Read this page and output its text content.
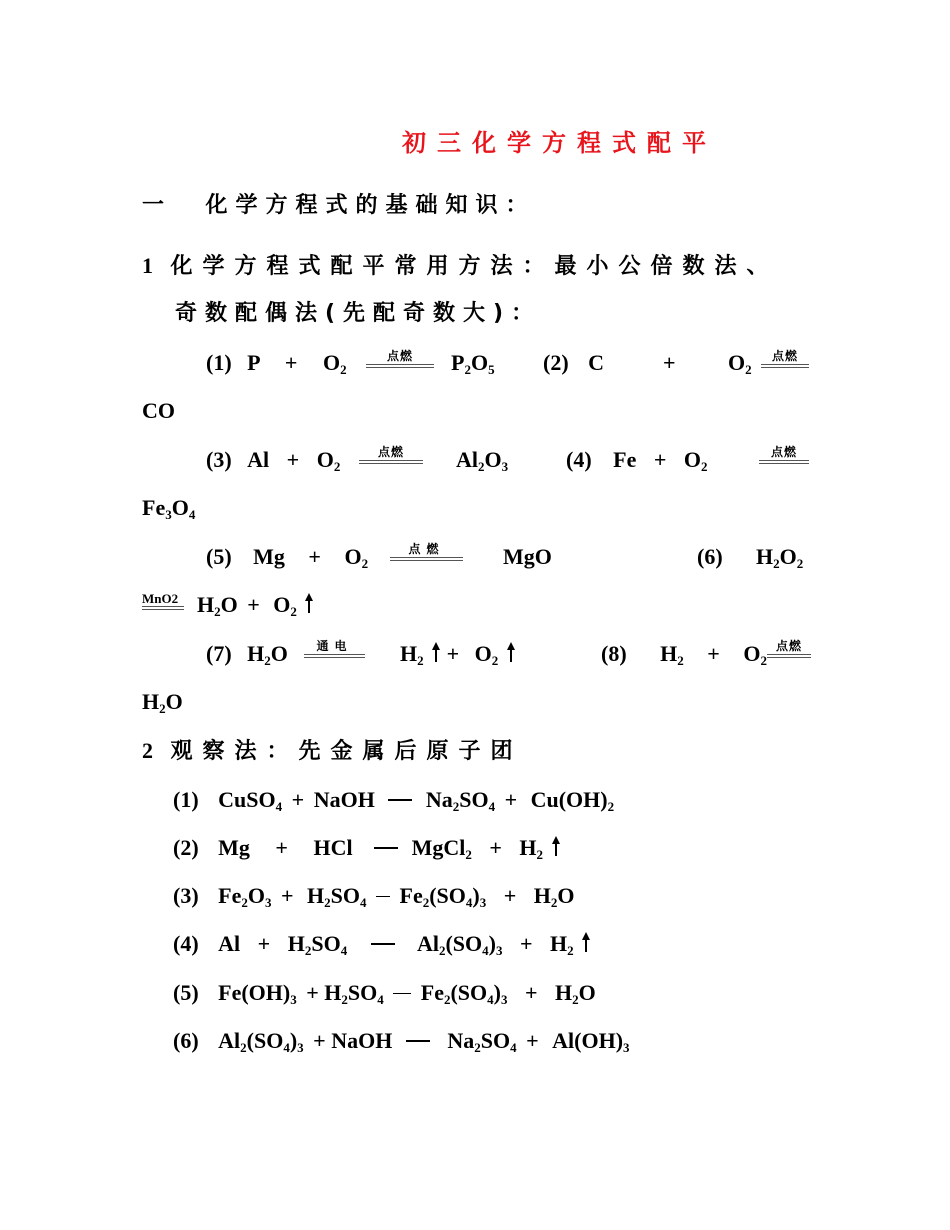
初三化学方程式配平
一 化学方程式的基础知识：
1 化学方程式配平常用方法：最小公倍数法、
奇数配偶法(先配奇数大)：
(1) $P + O_2$
点燃	$P_2O_5$ (2) C	+ $O_2$
点燃
CO
(3) $Al + O_2$
点燃	$Al_2O_3$	(4) $Fe + O_2$
点燃
$Fe_3O_4$
(5) $Mg + O_2$
点燃	MgO	(6) $H_2O_2$
MnO2 $H_2O + O_2$
(7) $H_2O$	通电	$H_2 + O_2$	(8) $H_2 + O_2$
点燃
$H_2O$
2 观察法：先金属后原子团
(1) CuSO$_4$ + NaOH $Na_2SO_4 + Cu(OH)_2$
(2) Mg + HCl	MgCl$_2$ + $H_2$
(3) $Fe_2O_3 + H_2SO_4$ $Fe_2(SO_4)_3 + H_2O$
(4) $Al + H_2SO_4$	$Al_2(SO_4)_3 + H_2$
(5) $Fe(OH)_3 + H_2SO_4$ $Fe_2(SO_4)_3 + H_2O$
(6) $Al_2(SO_4)_3$ + NaOH	$Na_2SO_4 + Al(OH)_3$
